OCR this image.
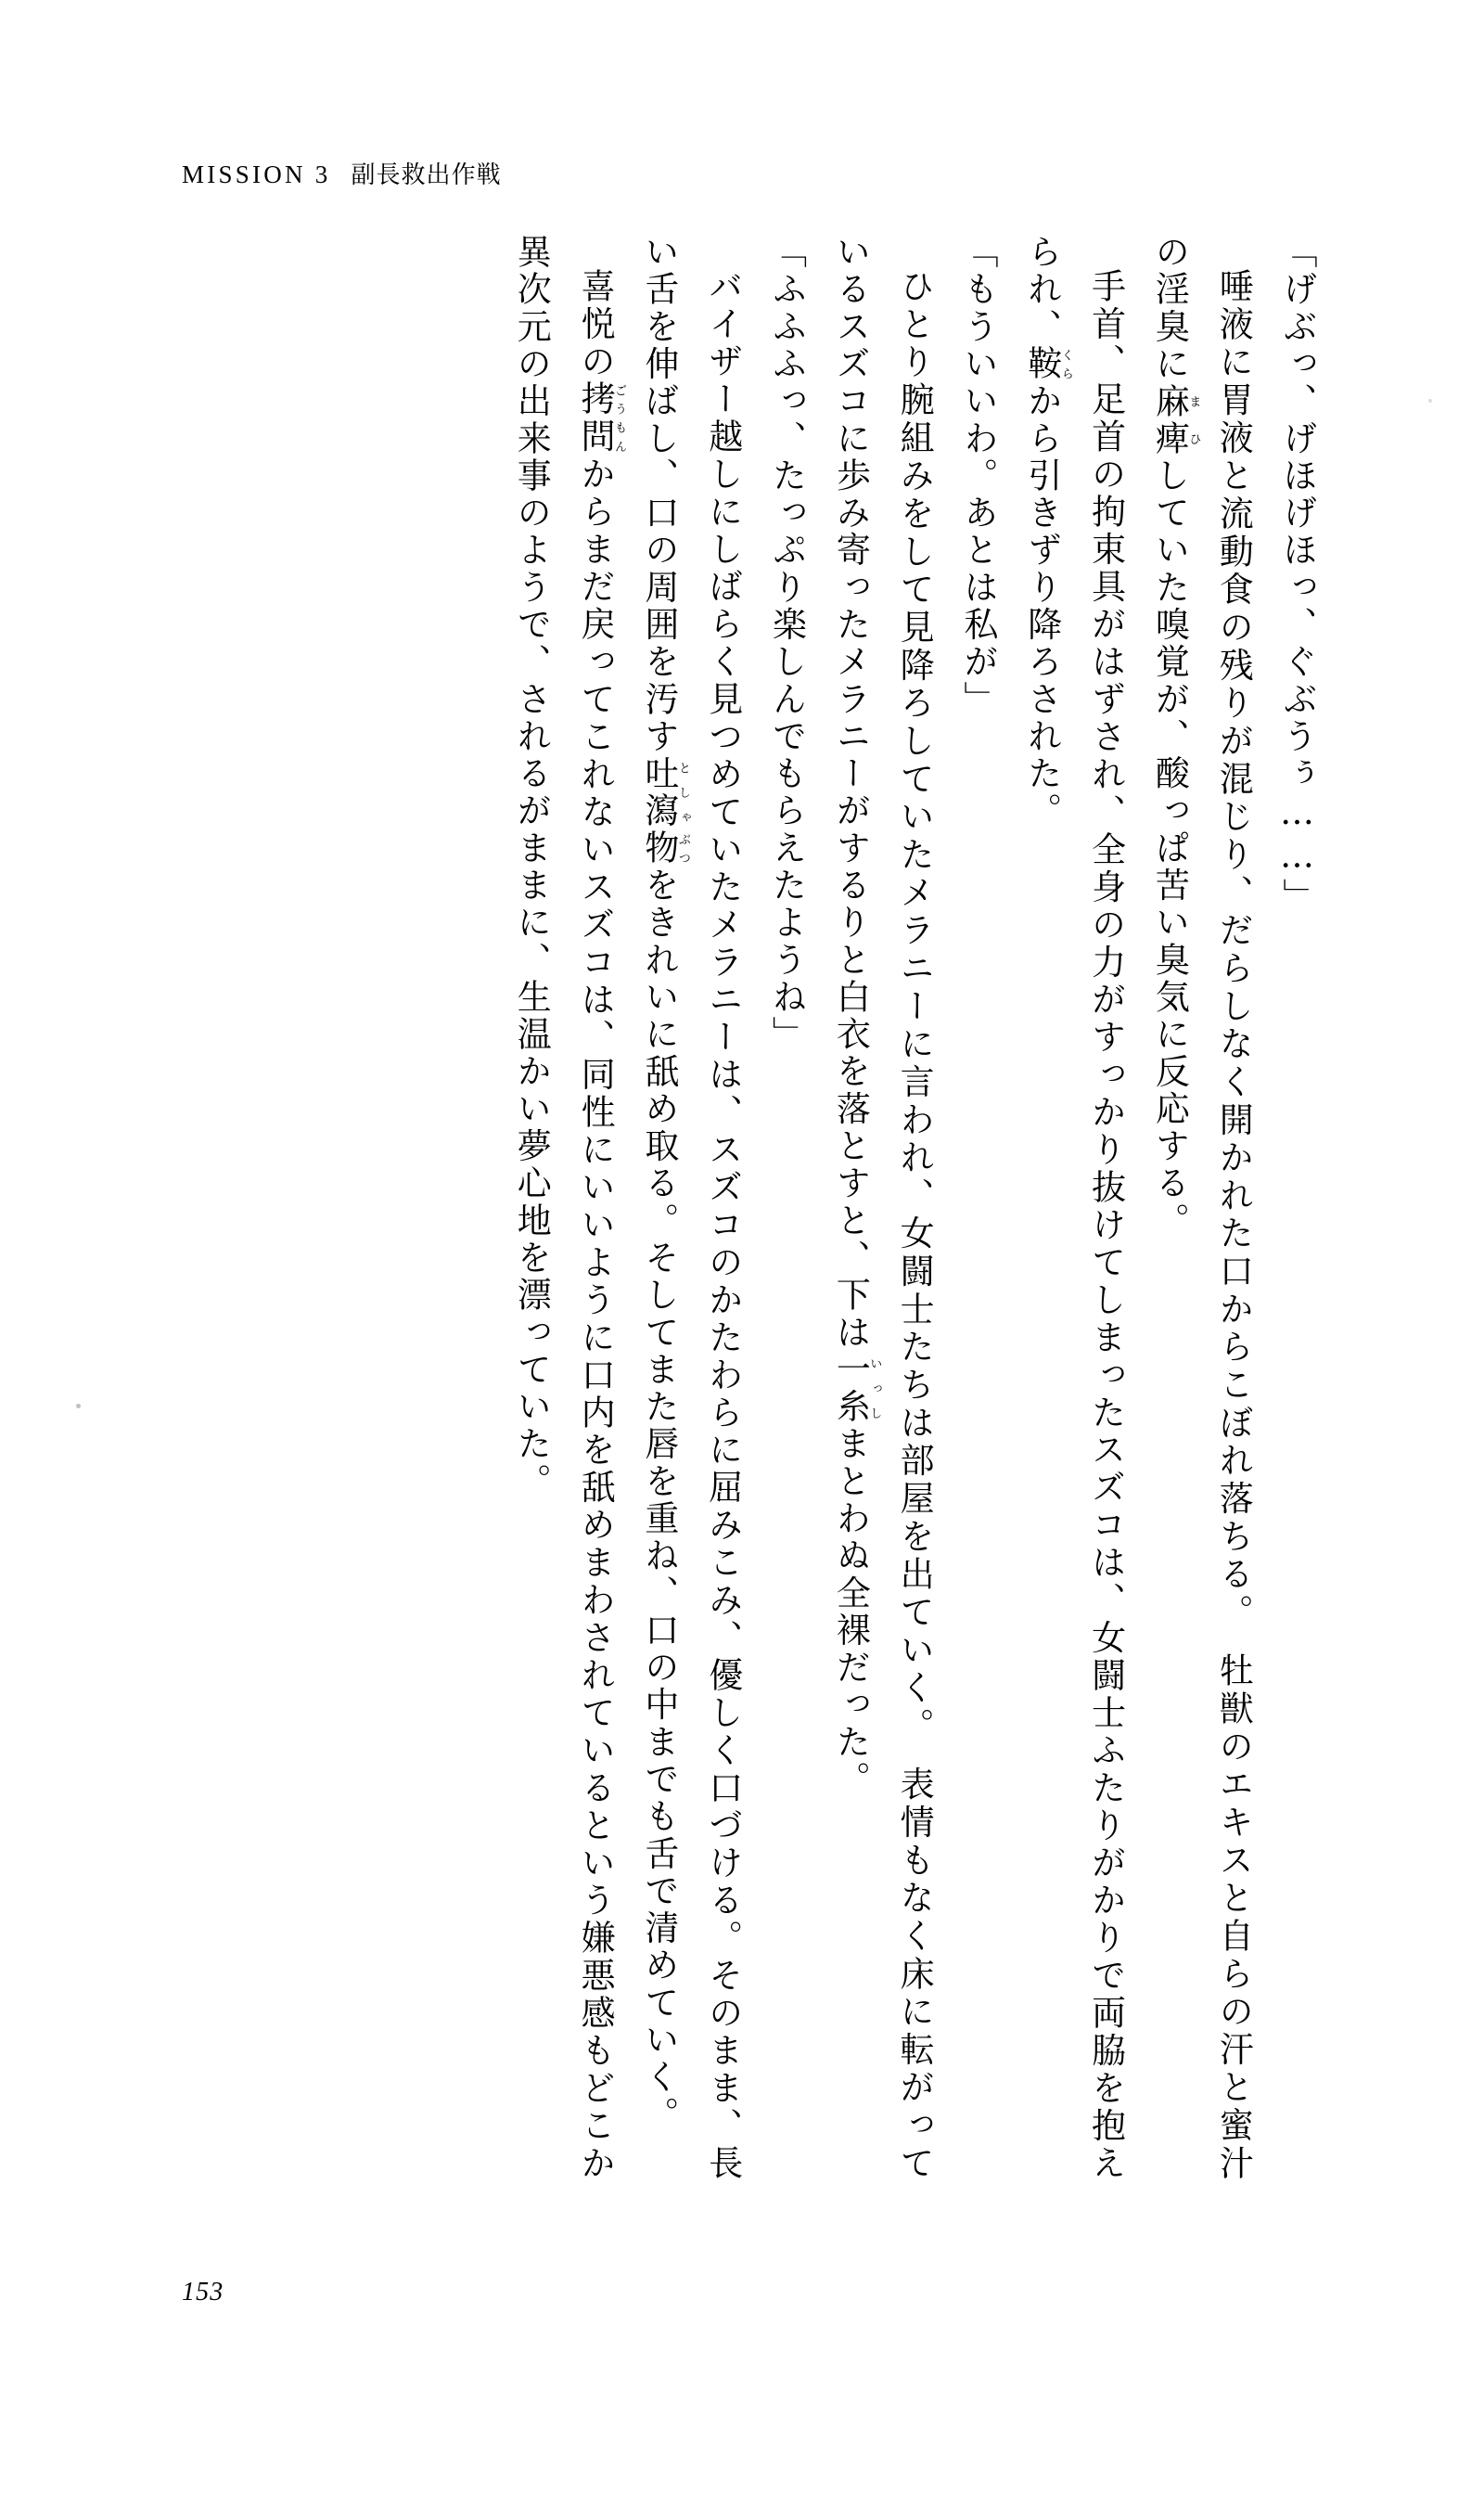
MISSION 3 副長救出作戦

「げぶっ、げほげほっ、ぐぶうぅ……」

唾液に胃液と流動食の残りが混じり、だらしなく開かれた口からこぼれ落ちる。　牡獣のエキスと自らの汗と蜜汁の淫臭に麻痺まひしていた嗅覚が、酸っぱ苦い臭気に反応する。

手首、足首の拘束具がはずされ、全身の力がすっかり抜けてしまったスズコは、女闘士ふたりがかりで両脇を抱えられ、鞍くらから引きずり降ろされた。

「もういいわ。あとは私が」

ひとり腕組みをして見降ろしていたメラニーに言われ、女闘士たちは部屋を出ていく。　表情もなく床に転がっているスズコに歩み寄ったメラニーがするりと白衣を落とすと、下は一糸いっしまとわぬ全裸だった。

「ふふふっ、たっぷり楽しんでもらえたようね」

バイザー越しにしばらく見つめていたメラニーは、スズコのかたわらに屈みこみ、優しく口づける。そのまま、長い舌を伸ばし、口の周囲を汚す吐瀉としゃ物ぶつをきれいに舐め取る。そしてまた唇を重ね、口の中までも舌で清めていく。

喜悦の拷問ごうもんからまだ戻ってこれないスズコは、同性にいいように口内を舐めまわされているという嫌悪感もどこか異次元の出来事のようで、されるがままに、生温かい夢心地を漂っていた。

153
